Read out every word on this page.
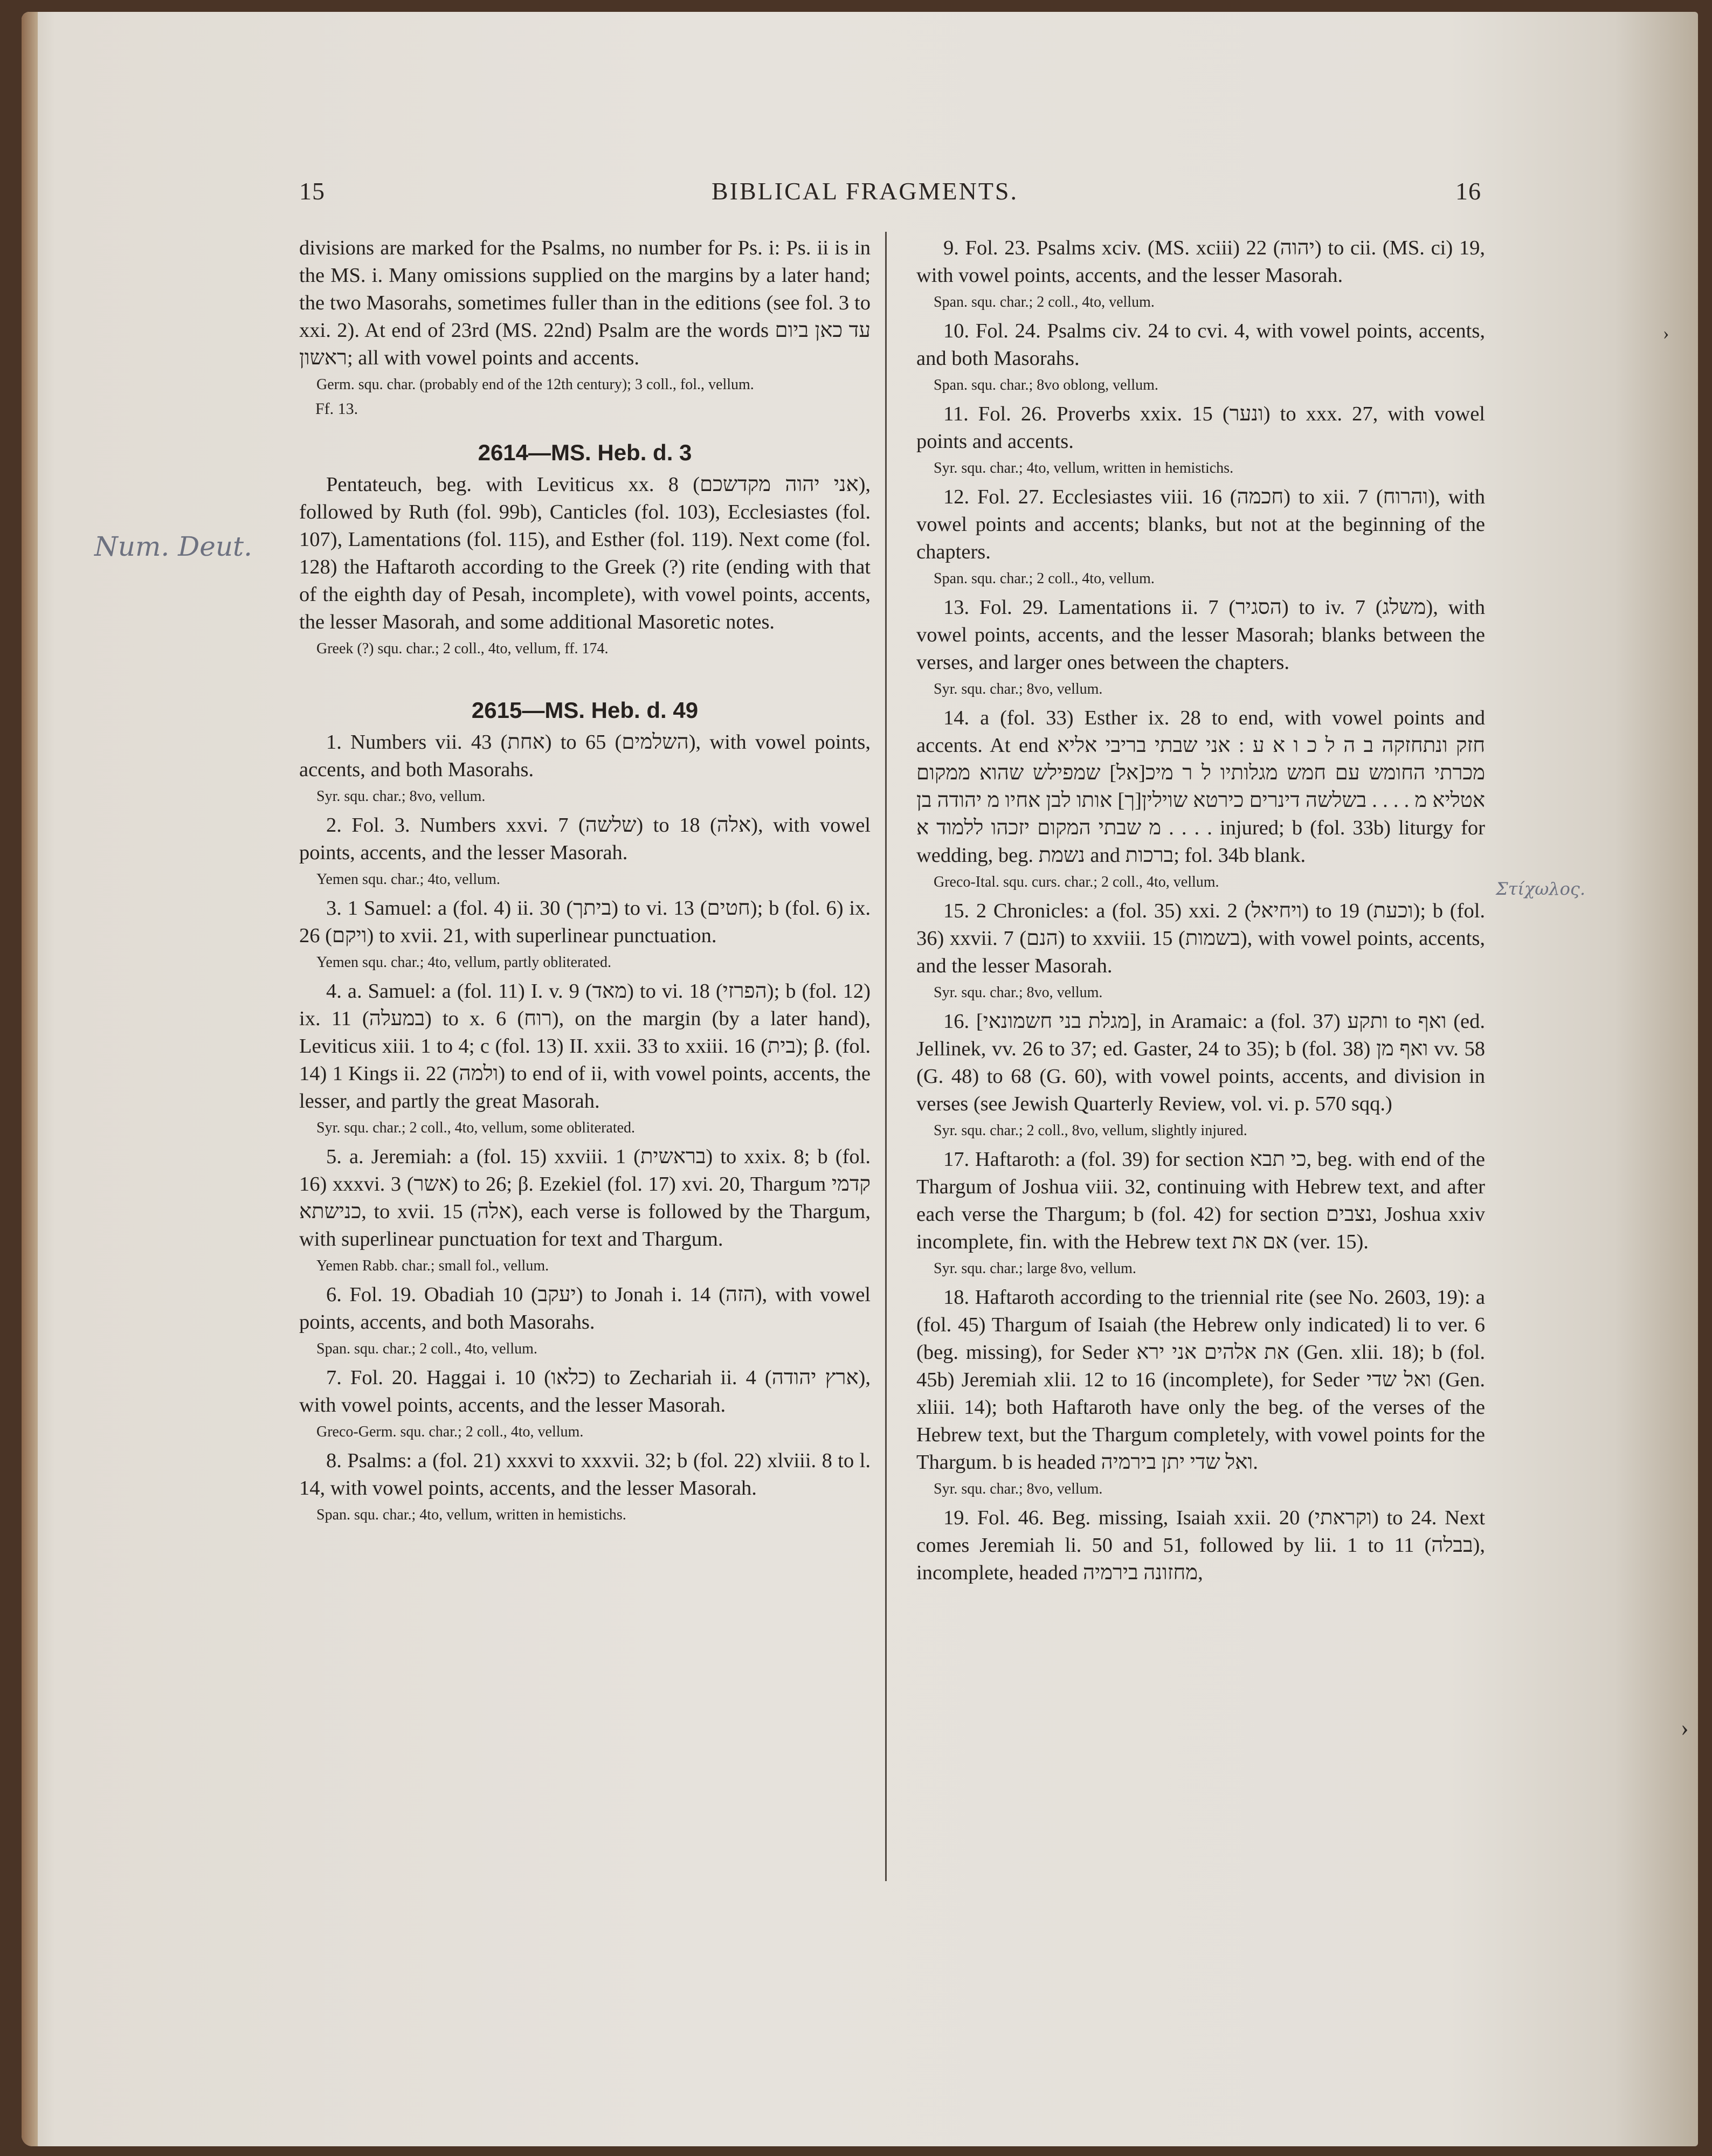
15	BIBLICAL FRAGMENTS.	16
Num. Deut.
Στίχωλος.
›
›

divisions are marked for the Psalms, no number for Ps. i: Ps. ii is in the MS. i. Many omissions supplied on the margins by a later hand; the two Masorahs, sometimes fuller than in the editions (see fol. 3 to xxi. 2). At end of 23rd (MS. 22nd) Psalm are the words עד כאן ביום ראשון; all with vowel points and accents.

Germ. squ. char. (probably end of the 12th century); 3 coll., fol., vellum.

Ff. 13.

2614—MS. Heb. d. 3

Pentateuch, beg. with Leviticus xx. 8 (אני יהוה מקדשכם), followed by Ruth (fol. 99b), Canticles (fol. 103), Ecclesiastes (fol. 107), Lamentations (fol. 115), and Esther (fol. 119). Next come (fol. 128) the Haftaroth according to the Greek (?) rite (ending with that of the eighth day of Pesah, incomplete), with vowel points, accents, the lesser Masorah, and some additional Masoretic notes.

Greek (?) squ. char.; 2 coll., 4to, vellum, ff. 174.

2615—MS. Heb. d. 49

1. Numbers vii. 43 (אחת) to 65 (השלמים), with vowel points, accents, and both Masorahs.

Syr. squ. char.; 8vo, vellum.

2. Fol. 3. Numbers xxvi. 7 (שלשה) to 18 (אלה), with vowel points, accents, and the lesser Masorah.

Yemen squ. char.; 4to, vellum.

3. 1 Samuel: a (fol. 4) ii. 30 (ביתך) to vi. 13 (חטים); b (fol. 6) ix. 26 (ויקם) to xvii. 21, with superlinear punctuation.

Yemen squ. char.; 4to, vellum, partly obliterated.

4. a. Samuel: a (fol. 11) I. v. 9 (מאד) to vi. 18 (הפרזי); b (fol. 12) ix. 11 (במעלה) to x. 6 (רוח), on the margin (by a later hand), Leviticus xiii. 1 to 4; c (fol. 13) II. xxii. 33 to xxiii. 16 (בית); β. (fol. 14) 1 Kings ii. 22 (ולמה) to end of ii, with vowel points, accents, the lesser, and partly the great Masorah.

Syr. squ. char.; 2 coll., 4to, vellum, some obliterated.

5. a. Jeremiah: a (fol. 15) xxviii. 1 (בראשית) to xxix. 8; b (fol. 16) xxxvi. 3 (אשר) to 26; β. Ezekiel (fol. 17) xvi. 20, Thargum קדמי כנישתא, to xvii. 15 (אלה), each verse is followed by the Thargum, with superlinear punctuation for text and Thargum.

Yemen Rabb. char.; small fol., vellum.

6. Fol. 19. Obadiah 10 (יעקב) to Jonah i. 14 (הזה), with vowel points, accents, and both Masorahs.

Span. squ. char.; 2 coll., 4to, vellum.

7. Fol. 20. Haggai i. 10 (כלאו) to Zechariah ii. 4 (ארץ יהודה), with vowel points, accents, and the lesser Masorah.

Greco-Germ. squ. char.; 2 coll., 4to, vellum.

8. Psalms: a (fol. 21) xxxvi to xxxvii. 32; b (fol. 22) xlviii. 8 to l. 14, with vowel points, accents, and the lesser Masorah.

Span. squ. char.; 4to, vellum, written in hemistichs.

9. Fol. 23. Psalms xciv. (MS. xciii) 22 (יהוה) to cii. (MS. ci) 19, with vowel points, accents, and the lesser Masorah.

Span. squ. char.; 2 coll., 4to, vellum.

10. Fol. 24. Psalms civ. 24 to cvi. 4, with vowel points, accents, and both Masorahs.

Span. squ. char.; 8vo oblong, vellum.

11. Fol. 26. Proverbs xxix. 15 (ונער) to xxx. 27, with vowel points and accents.

Syr. squ. char.; 4to, vellum, written in hemistichs.

12. Fol. 27. Ecclesiastes viii. 16 (חכמה) to xii. 7 (והרוח), with vowel points and accents; blanks, but not at the beginning of the chapters.

Span. squ. char.; 2 coll., 4to, vellum.

13. Fol. 29. Lamentations ii. 7 (הסגיר) to iv. 7 (משלג), with vowel points, accents, and the lesser Masorah; blanks between the verses, and larger ones between the chapters.

Syr. squ. char.; 8vo, vellum.

14. a (fol. 33) Esther ix. 28 to end, with vowel points and accents. At end חזק ונתחזקה ב ה ל כ ו א ע : אני שבתי בריבי אליא מכרתי החומש עם חמש מגלותיו ל ר מיכ[אל] שמפילש שהוא ממקום אטליא מ . . . . בשלשה דינרים כירטא שוילין[ך] אותו לבן אחיו מ יהודה בן מ שבתי המקום יזכהו ללמוד א . . . . injured; b (fol. 33b) liturgy for wedding, beg. נשמת and ברכות; fol. 34b blank.

Greco-Ital. squ. curs. char.; 2 coll., 4to, vellum.

15. 2 Chronicles: a (fol. 35) xxi. 2 (ויחיאל) to 19 (וכעת); b (fol. 36) xxvii. 7 (הנם) to xxviii. 15 (בשמות), with vowel points, accents, and the lesser Masorah.

Syr. squ. char.; 8vo, vellum.

16. [מגלת בני חשמונאי], in Aramaic: a (fol. 37) ותקע to ואף (ed. Jellinek, vv. 26 to 37; ed. Gaster, 24 to 35); b (fol. 38) ואף מן vv. 58 (G. 48) to 68 (G. 60), with vowel points, accents, and division in verses (see Jewish Quarterly Review, vol. vi. p. 570 sqq.)

Syr. squ. char.; 2 coll., 8vo, vellum, slightly injured.

17. Haftaroth: a (fol. 39) for section כי תבא, beg. with end of the Thargum of Joshua viii. 32, continuing with Hebrew text, and after each verse the Thargum; b (fol. 42) for section נצבים, Joshua xxiv incomplete, fin. with the Hebrew text אם את (ver. 15).

Syr. squ. char.; large 8vo, vellum.

18. Haftaroth according to the triennial rite (see No. 2603, 19): a (fol. 45) Thargum of Isaiah (the Hebrew only indicated) li to ver. 6 (beg. missing), for Seder את אלהים אני ירא (Gen. xlii. 18); b (fol. 45b) Jeremiah xlii. 12 to 16 (incomplete), for Seder ואל שדי (Gen. xliii. 14); both Haftaroth have only the beg. of the verses of the Hebrew text, but the Thargum completely, with vowel points for the Thargum. b is headed ואל שדי יתן בירמיה.

Syr. squ. char.; 8vo, vellum.

19. Fol. 46. Beg. missing, Isaiah xxii. 20 (וקראתי) to 24. Next comes Jeremiah li. 50 and 51, followed by lii. 1 to 11 (בבלה), incomplete, headed מחזונה בירמיה,
